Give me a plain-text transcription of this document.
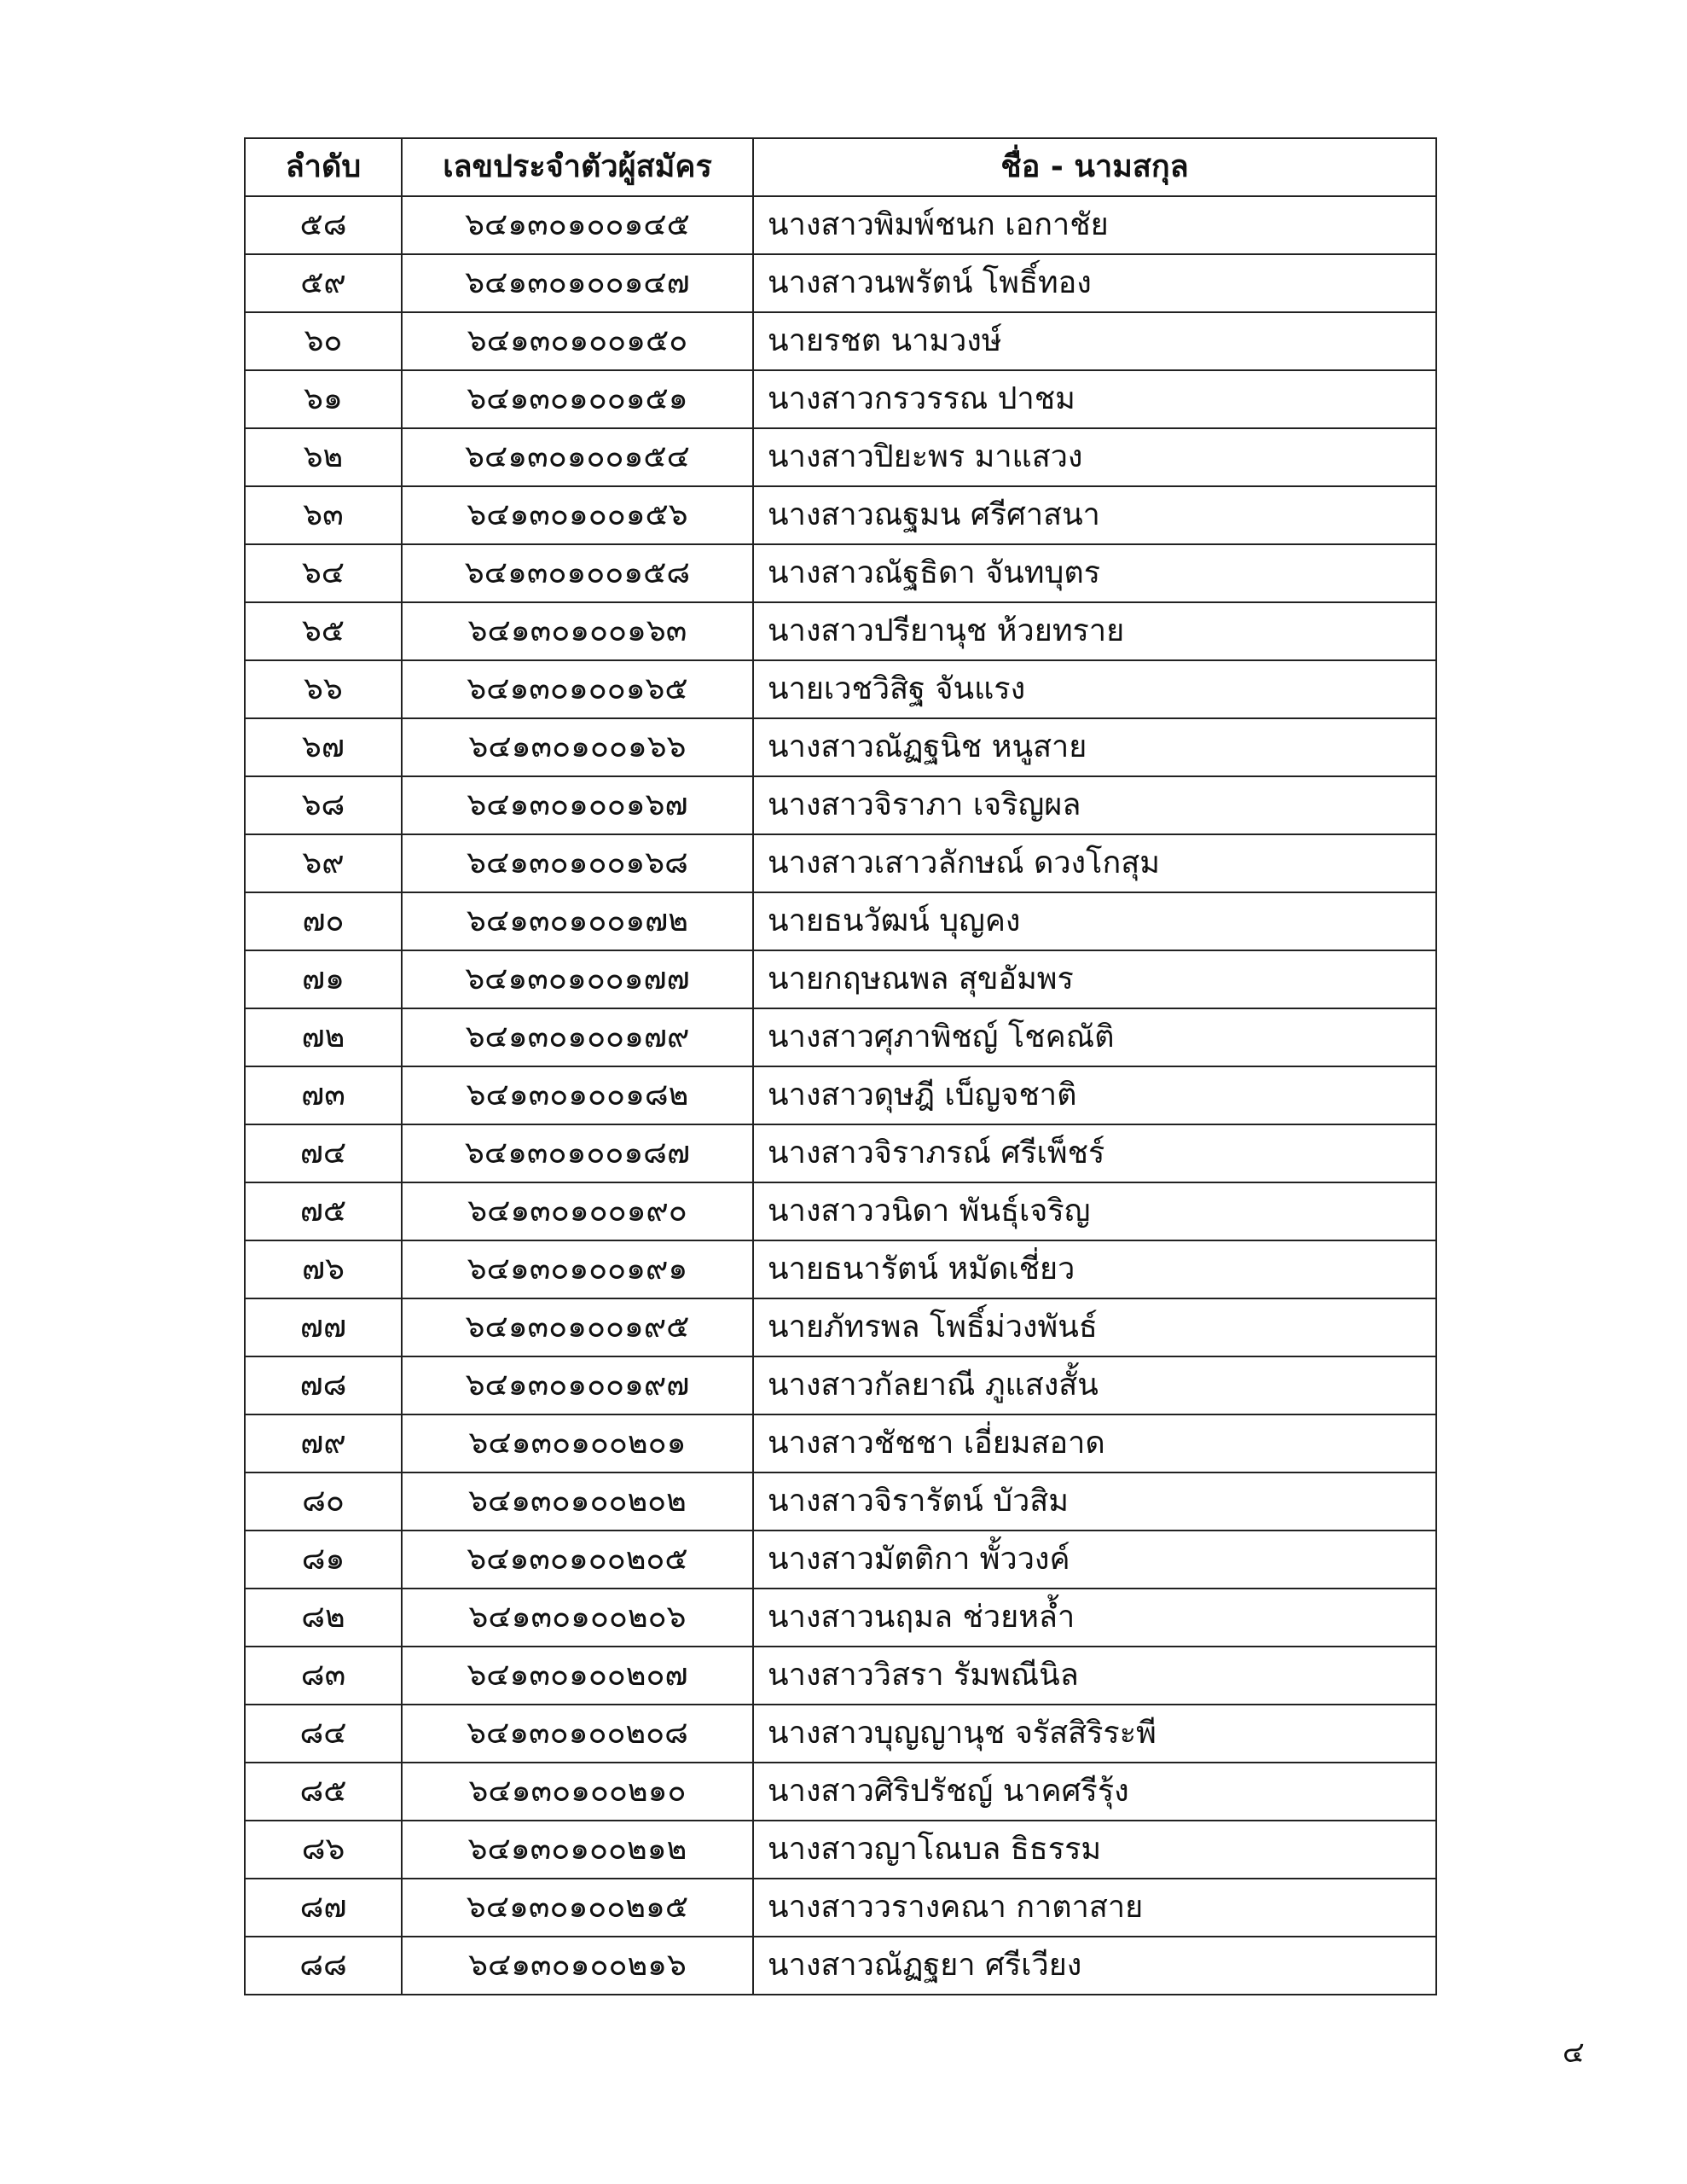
ลำดับ	เลขประจำตัวผู้สมัคร	ชื่อ - นามสกุล
๕๘	๖๔๑๓๐๑๐๐๑๔๕	นางสาวพิมพ์ชนก เอกาชัย
๕๙	๖๔๑๓๐๑๐๐๑๔๗	นางสาวนพรัตน์ โพธิ์ทอง
๖๐	๖๔๑๓๐๑๐๐๑๕๐	นายรชต นามวงษ์
๖๑	๖๔๑๓๐๑๐๐๑๕๑	นางสาวกรวรรณ ปาชม
๖๒	๖๔๑๓๐๑๐๐๑๕๔	นางสาวปิยะพร มาแสวง
๖๓	๖๔๑๓๐๑๐๐๑๕๖	นางสาวณฐมน ศรีศาสนา
๖๔	๖๔๑๓๐๑๐๐๑๕๘	นางสาวณัฐธิดา จันทบุตร
๖๕	๖๔๑๓๐๑๐๐๑๖๓	นางสาวปรียานุช ห้วยทราย
๖๖	๖๔๑๓๐๑๐๐๑๖๕	นายเวชวิสิฐ จันแรง
๖๗	๖๔๑๓๐๑๐๐๑๖๖	นางสาวณัฏฐนิช หนูสาย
๖๘	๖๔๑๓๐๑๐๐๑๖๗	นางสาวจิราภา เจริญผล
๖๙	๖๔๑๓๐๑๐๐๑๖๘	นางสาวเสาวลักษณ์ ดวงโกสุม
๗๐	๖๔๑๓๐๑๐๐๑๗๒	นายธนวัฒน์ บุญคง
๗๑	๖๔๑๓๐๑๐๐๑๗๗	นายกฤษณพล สุขอัมพร
๗๒	๖๔๑๓๐๑๐๐๑๗๙	นางสาวศุภาพิชญ์ โชคณัติ
๗๓	๖๔๑๓๐๑๐๐๑๘๒	นางสาวดุษฎี เบ็ญจชาติ
๗๔	๖๔๑๓๐๑๐๐๑๘๗	นางสาวจิราภรณ์ ศรีเพ็ชร์
๗๕	๖๔๑๓๐๑๐๐๑๙๐	นางสาววนิดา พันธุ์เจริญ
๗๖	๖๔๑๓๐๑๐๐๑๙๑	นายธนารัตน์ หมัดเชี่ยว
๗๗	๖๔๑๓๐๑๐๐๑๙๕	นายภัทรพล โพธิ์ม่วงพันธ์
๗๘	๖๔๑๓๐๑๐๐๑๙๗	นางสาวกัลยาณี ภูแสงสั้น
๗๙	๖๔๑๓๐๑๐๐๒๐๑	นางสาวชัชชา เอี่ยมสอาด
๘๐	๖๔๑๓๐๑๐๐๒๐๒	นางสาวจิรารัตน์ บัวสิม
๘๑	๖๔๑๓๐๑๐๐๒๐๕	นางสาวมัตติกา พั้ววงค์
๘๒	๖๔๑๓๐๑๐๐๒๐๖	นางสาวนฤมล ช่วยหล้ำ
๘๓	๖๔๑๓๐๑๐๐๒๐๗	นางสาววิสรา รัมพณีนิล
๘๔	๖๔๑๓๐๑๐๐๒๐๘	นางสาวบุญญานุช จรัสสิริระพี
๘๕	๖๔๑๓๐๑๐๐๒๑๐	นางสาวศิริปรัชญ์ นาคศรีรุ้ง
๘๖	๖๔๑๓๐๑๐๐๒๑๒	นางสาวญาโณบล ธิธรรม
๘๗	๖๔๑๓๐๑๐๐๒๑๕	นางสาววรางคณา กาตาสาย
๘๘	๖๔๑๓๐๑๐๐๒๑๖	นางสาวณัฏฐยา ศรีเวียง
๔
